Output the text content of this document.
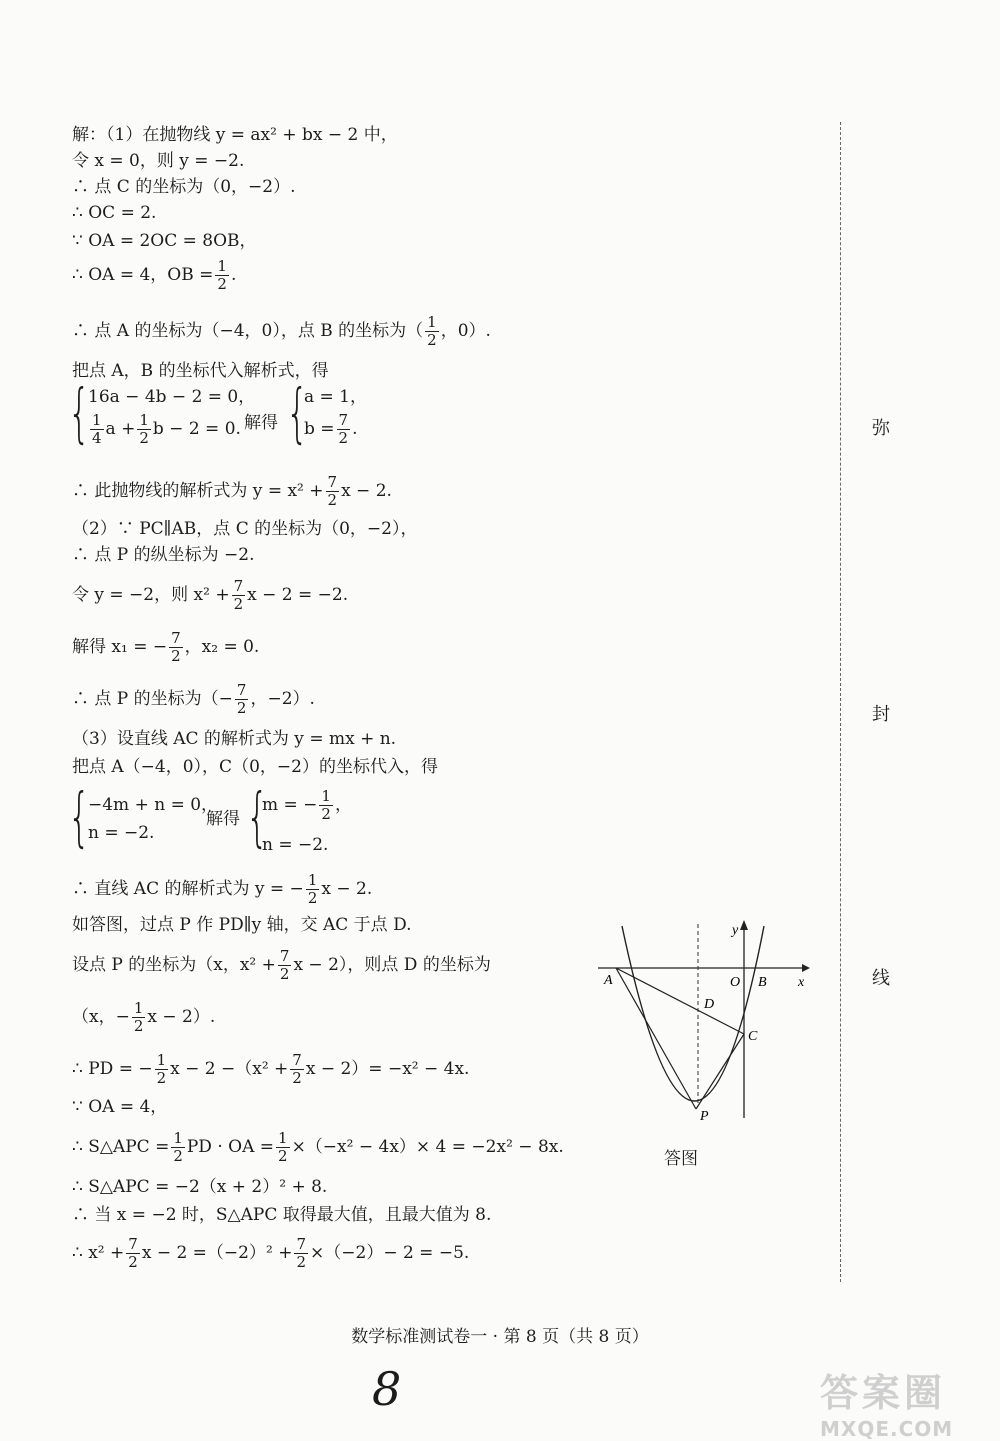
弥
封
线
解：（1）在抛物线 y = ax² + bx − 2 中，
令 x = 0，则 y = −2.
∴ 点 C 的坐标为（0，−2）.
∴ OC = 2.
∵ OA = 2OC = 8OB，
∴ OA = 4，OB = $\frac{1}{2}$ .
∴ 点 A 的坐标为（−4，0），点 B 的坐标为（ $\frac{1}{2}$ ，0）.
把点 A，B 的坐标代入解析式，得
{
16a − 4b − 2 = 0，
$\frac{1}{4}$ $a + \frac{1}{2}$ b − 2 = 0. 解得 {
a = 1，
$b = \frac{7}{2}$ .
∴ 此抛物线的解析式为 $y = x^2 + \frac{7}{2}$ x − 2.
（2）∵ PC∥AB，点 C 的坐标为（0，−2），
∴ 点 P 的纵坐标为 −2.
令 y = −2，则 $x^2 + \frac{7}{2}$ x − 2 = −2.
解得 x₁ = − $\frac{7}{2}$ ，x₂ = 0.
∴ 点 P 的坐标为（− $\frac{7}{2}$ ，−2）.
（3）设直线 AC 的解析式为 y = mx + n.
把点 A（−4，0），C（0，−2）的坐标代入，得
{
−4m + n = 0，
n = −2.
解得 {
m = − $\frac{1}{2}$ ，
n = −2.
∴ 直线 AC 的解析式为 y = − $\frac{1}{2}$ x − 2.
如答图，过点 P 作 PD∥y 轴，交 AC 于点 D.
设点 P 的坐标为（x，$x^2 + \frac{7}{2}$ x − 2），则点 D 的坐标为
（x，− $\frac{1}{2}$ x − 2）.
∴ PD = − $\frac{1}{2}$ $x - 2 -(x^2 + \frac{7}{2}$ x − 2）= −x² − 4x.
∵ OA = 4，
∴ S△APC = $\frac{1}{2}$ PD · OA = $\frac{1}{2} \times(-x^2 - 4x)\times 4 = -2x^2 - 8x$.
∴ S△APC = −2（x + 2）² + 8.
∴ 当 x = −2 时，S△APC 取得最大值，且最大值为 8.
∴ $x^2 + \frac{7}{2}$ $x - 2 =(-2)^2 + \frac{7}{2} \times(-2)- 2 = -5$.
y
x
A	O B
D
C
P
答图
数学标准测试卷一 · 第 8 页（共 8 页）
8	答案圈
MXQE.COM
